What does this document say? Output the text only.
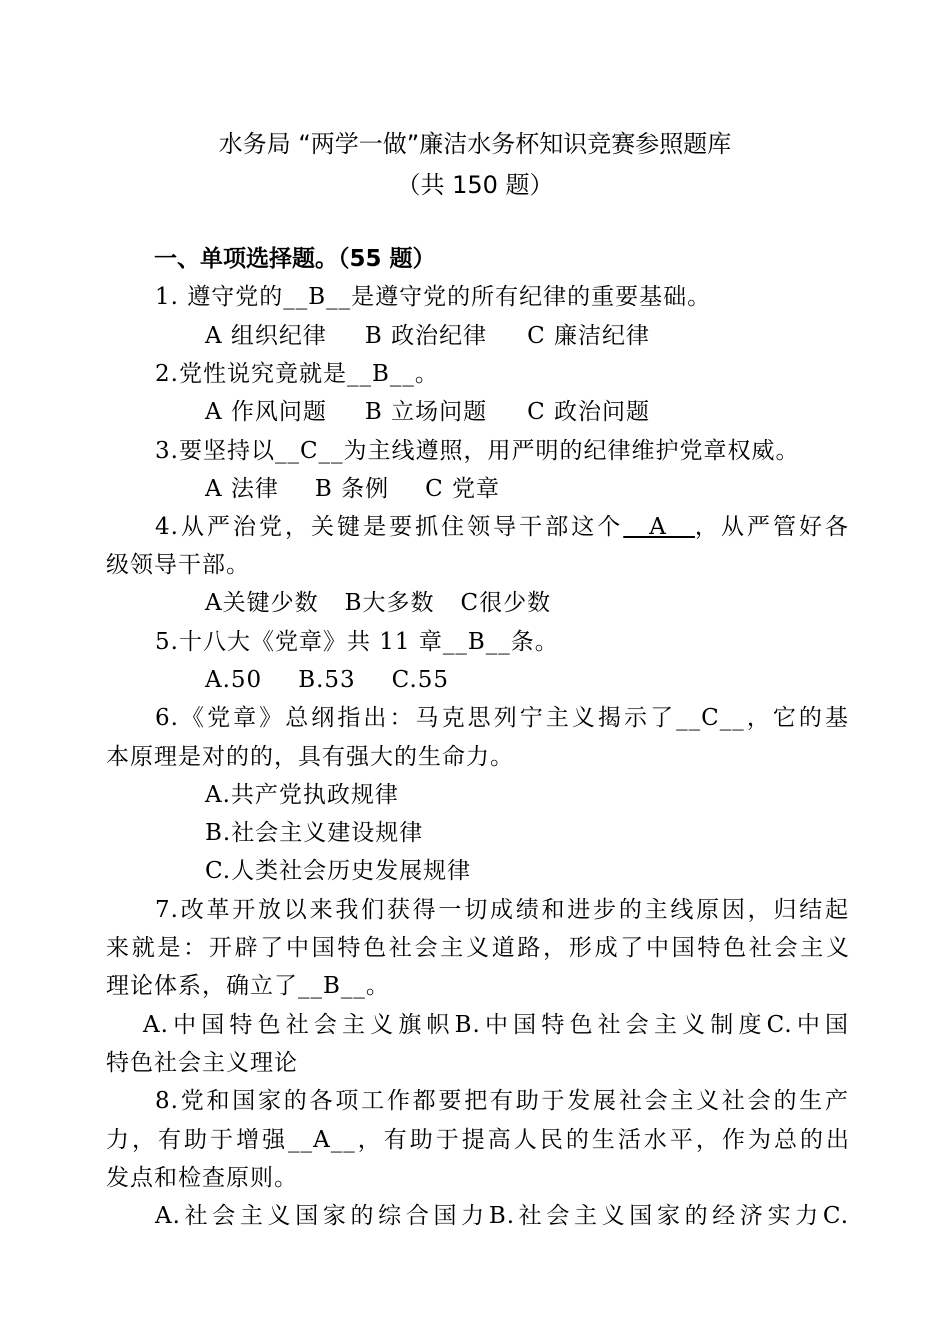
水务局 “两学一做”廉洁水务杯知识竞赛参照题库
（共 150 题）
一、单项选择题。（55 题）
1. 遵守党的__B__是遵守党的所有纪律的重要基础。
A 组织纪律 B 政治纪律 C 廉洁纪律
2.党性说究竟就是__B__。
A 作风问题 B 立场问题 C 政治问题
3.要坚持以__C__为主线遵照，用严明的纪律维护党章权威。
A 法律 B 条例 C 党章
4.从严治党，关键是要抓住领导干部这个　A　，从严管好各
级领导干部。
A关键少数 B大多数 C很少数
5.十八大《党章》共 11 章__B__条。
A.50 B.53 C.55
6.《党章》总纲指出：马克思列宁主义揭示了__C__，它的基
本原理是对的的，具有强大的生命力。
A.共产党执政规律
B.社会主义建设规律
C.人类社会历史发展规律
7.改革开放以来我们获得一切成绩和进步的主线原因，归结起
来就是：开辟了中国特色社会主义道路，形成了中国特色社会主义
理论体系，确立了__B__。
A.中国特色社会主义旗帜B.中国特色社会主义制度C.中国
特色社会主义理论
8.党和国家的各项工作都要把有助于发展社会主义社会的生产
力，有助于增强__A__，有助于提高人民的生活水平，作为总的出
发点和检查原则。
A.社会主义国家的综合国力B.社会主义国家的经济实力C.
